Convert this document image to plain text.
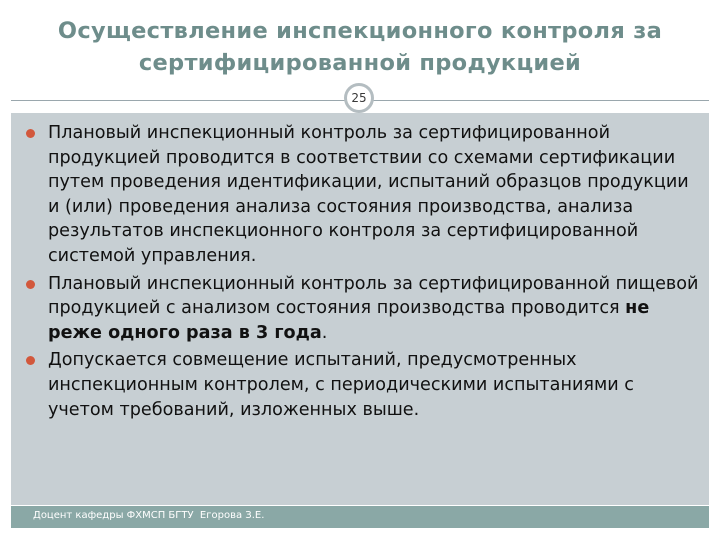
Осуществление инспекционного контроля за
сертифицированной продукцией
25
Плановый инспекционный контроль за сертифицированной продукцией проводится в соответствии со схемами сертификации путем проведения идентификации, испытаний образцов продукции и (или) проведения анализа состояния производства, анализа результатов инспекционного контроля за сертифицированной системой управления.
Плановый инспекционный контроль за сертифицированной пищевой продукцией с анализом состояния производства проводится не реже одного раза в 3 года.
Допускается совмещение испытаний, предусмотренных инспекционным контролем, с периодическими испытаниями с учетом требований, изложенных выше.
Доцент кафедры ФХМСП БГТУ  Егорова З.Е.
